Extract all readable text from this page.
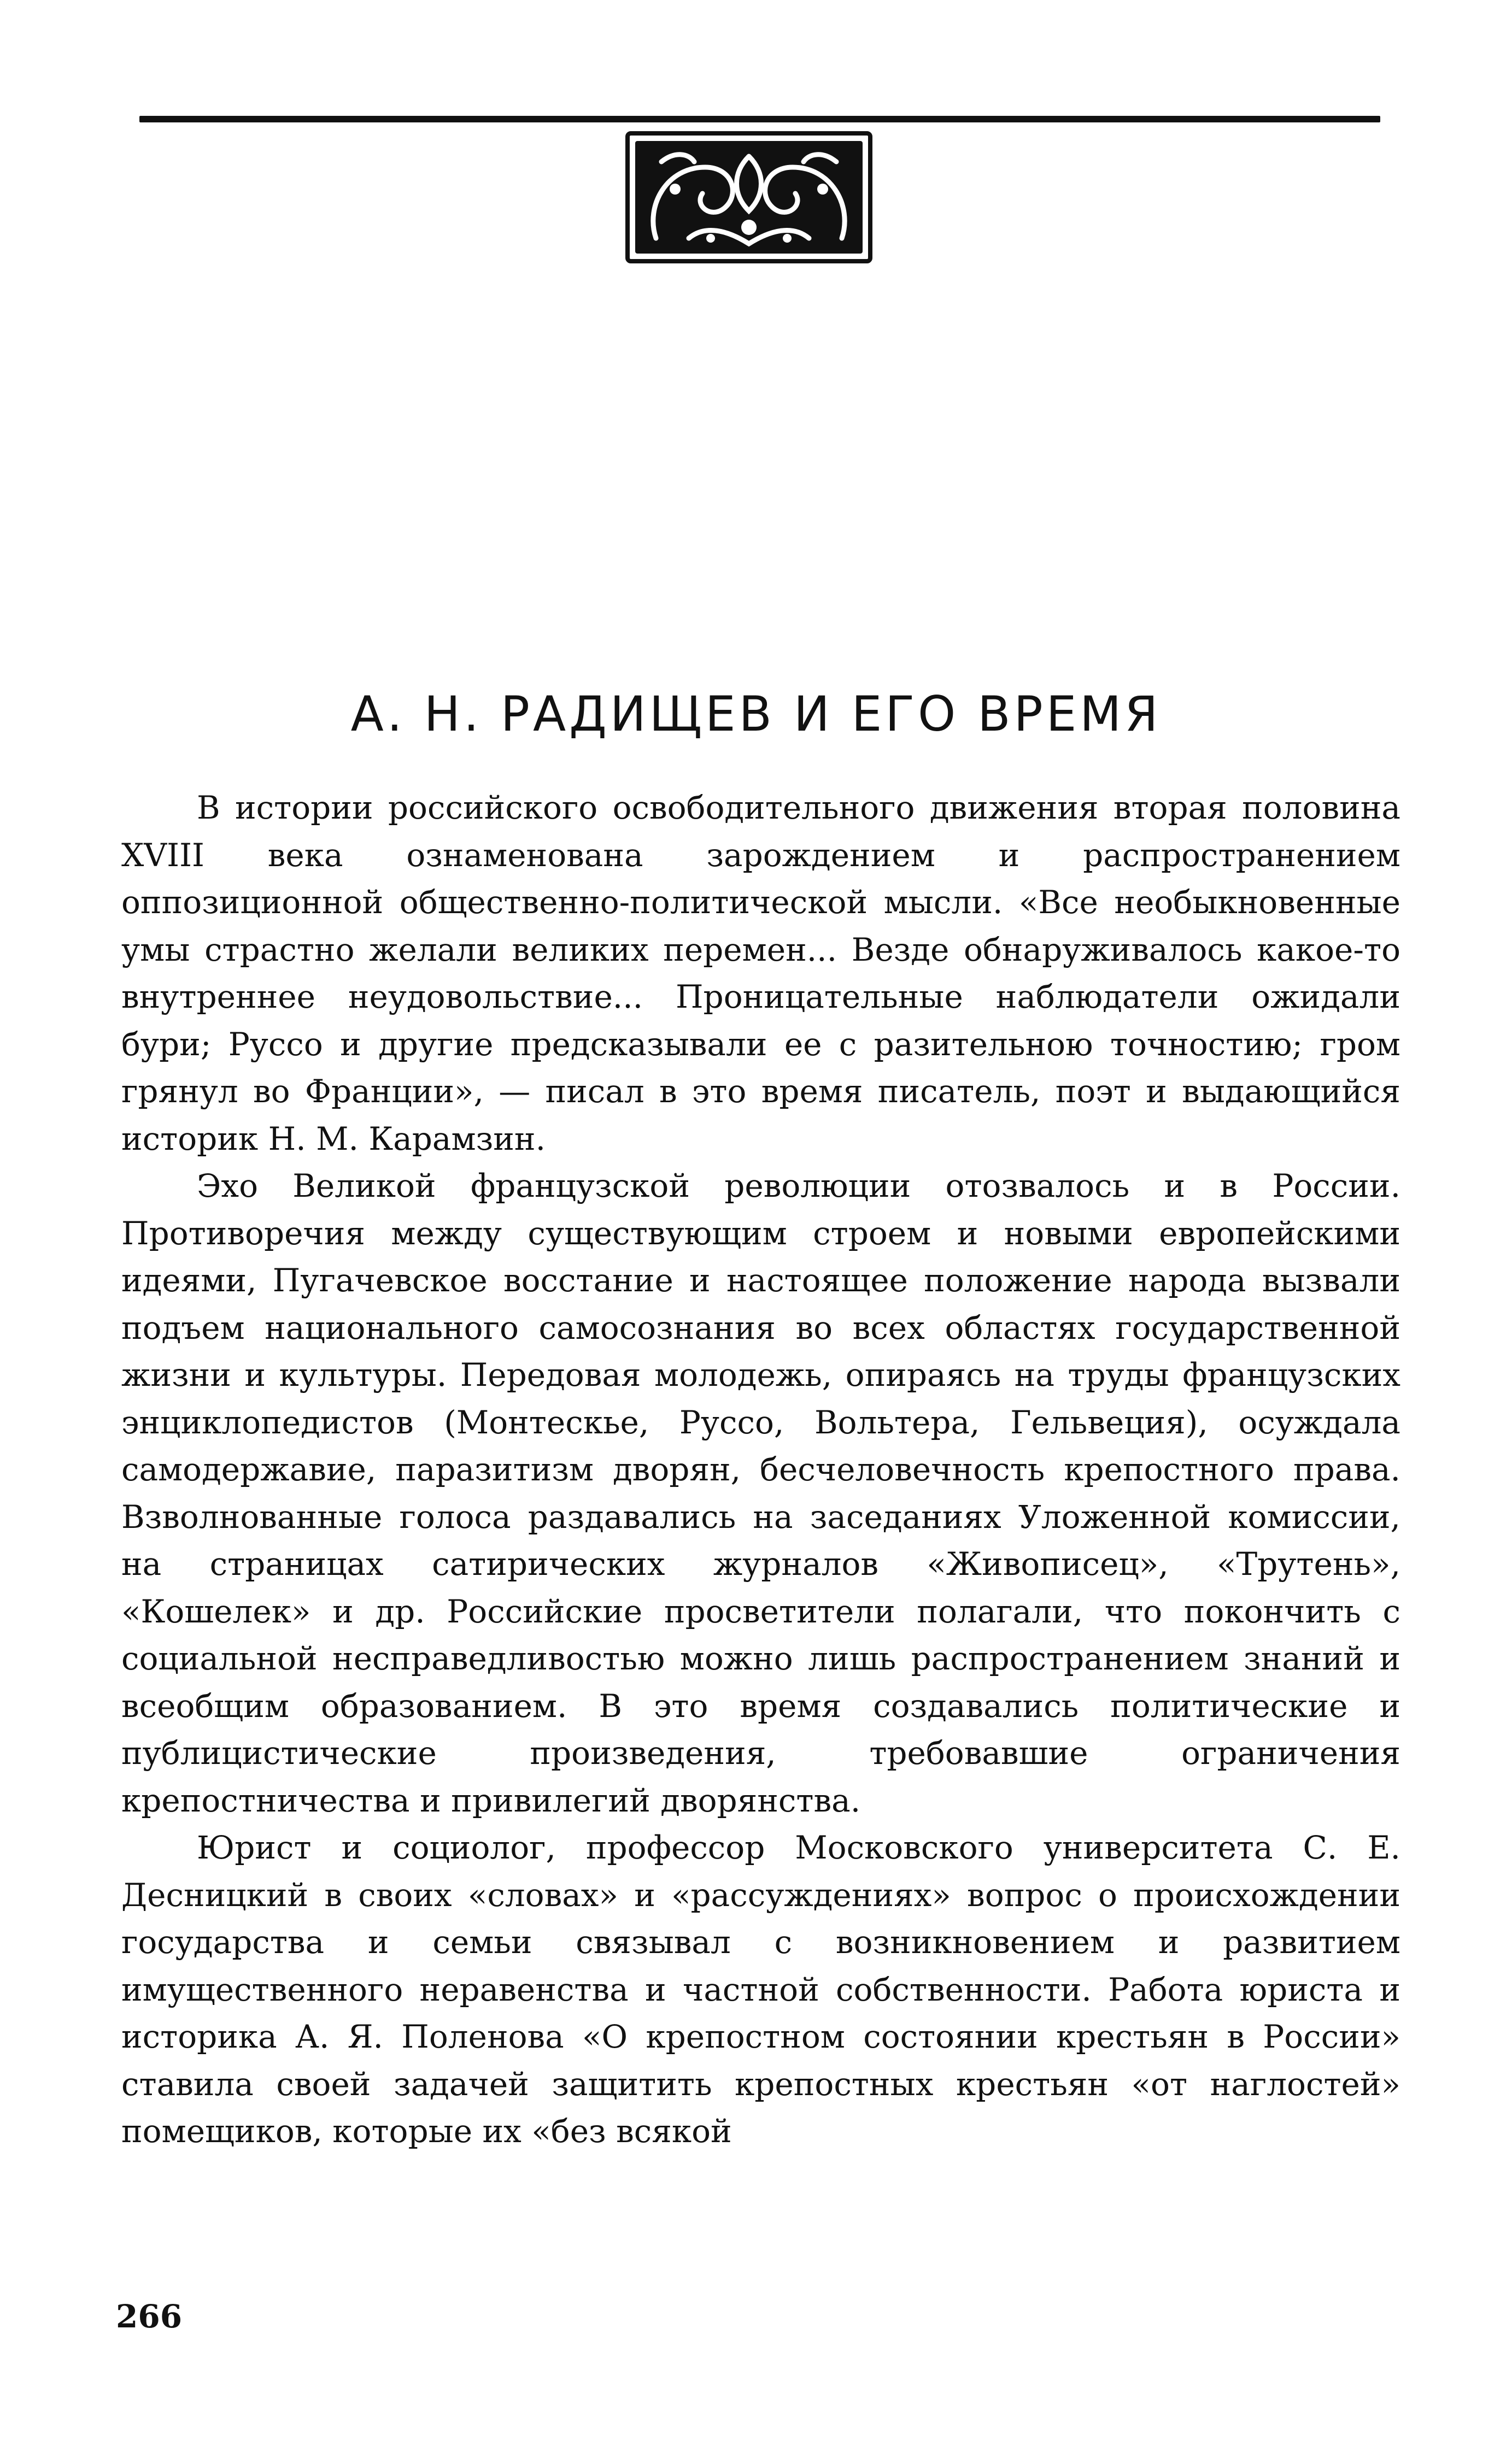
А. Н. РАДИЩЕВ И ЕГО ВРЕМЯ

В истории российского освободительного движения вторая половина XVIII века ознаменована зарождением и распространением оппозиционной общественно-политической мысли. «Все необыкновенные умы страстно желали великих перемен... Везде обнаруживалось какое-то внутреннее неудовольствие... Проницательные наблюдатели ожидали бури; Руссо и другие предсказывали ее с разительною точностию; гром грянул во Франции», — писал в это время писатель, поэт и выдающийся историк Н. М. Карамзин.

Эхо Великой французской революции отозвалось и в России. Противоречия между существующим строем и новыми европейскими идеями, Пугачевское восстание и настоящее положение народа вызвали подъем национального самосознания во всех областях государственной жизни и культуры. Передовая молодежь, опираясь на труды французских энциклопедистов (Монтескье, Руссо, Вольтера, Гельвеция), осуждала самодержавие, паразитизм дворян, бесчеловечность крепостного права. Взволнованные голоса раздавались на заседаниях Уложенной комиссии, на страницах сатирических журналов «Живописец», «Трутень», «Кошелек» и др. Российские просветители полагали, что покончить с социальной несправедливостью можно лишь распространением знаний и всеобщим образованием. В это время создавались политические и публицистические произведения, требовавшие ограничения крепостничества и привилегий дворянства.

Юрист и социолог, профессор Московского университета С. Е. Десницкий в своих «словах» и «рассуждениях» вопрос о происхождении государства и семьи связывал с возникновением и развитием имущественного неравенства и частной собственности. Работа юриста и историка А. Я. Поленова «О крепостном состоянии крестьян в России» ставила своей задачей защитить крепостных крестьян «от наглостей» помещиков, которые их «без всякой

266
